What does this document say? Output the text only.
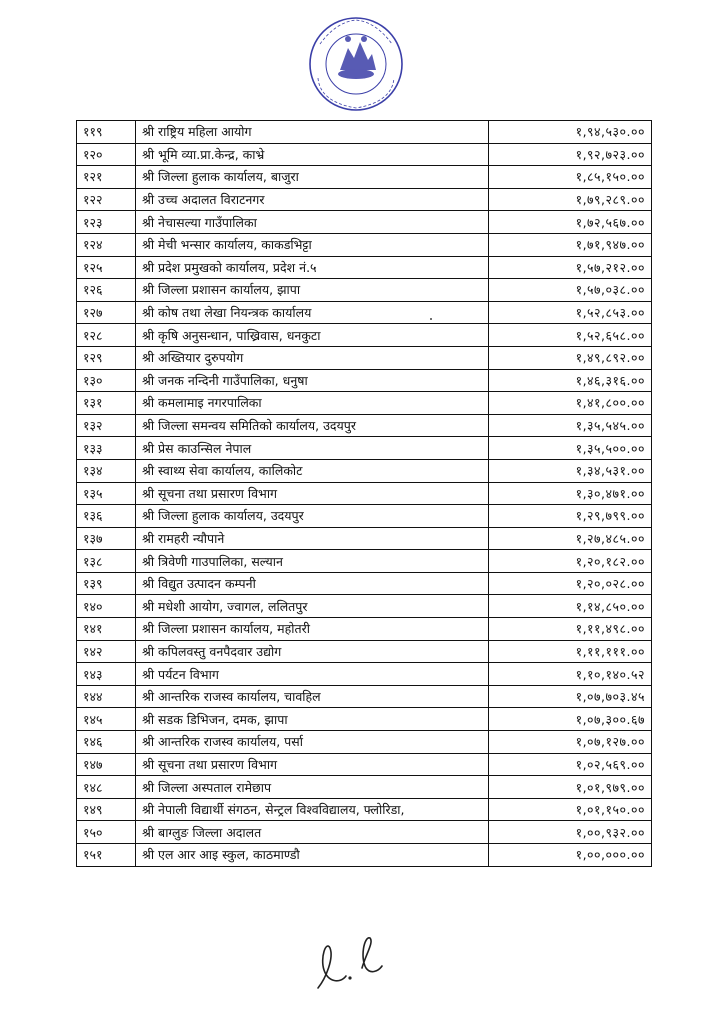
११९	श्री राष्ट्रिय महिला आयोग	१,९४,५३०.००
१२०	श्री भूमि व्या.प्रा.केन्द्र, काभ्रे	१,९२,७२३.००
१२१	श्री जिल्ला हुलाक कार्यालय, बाजुरा	१,८५,१५०.००
१२२	श्री उच्च अदालत विराटनगर	१,७९,२८९.००
१२३	श्री नेचासल्या गाउँपालिका	१,७२,५६७.००
१२४	श्री मेची भन्सार कार्यालय, काकडभिट्टा	१,७१,९४७.००
१२५	श्री प्रदेश प्रमुखको कार्यालय, प्रदेश नं.५	१,५७,२१२.००
१२६	श्री जिल्ला प्रशासन कार्यालय, झापा	१,५७,०३८.००
१२७	श्री कोष तथा लेखा नियन्त्रक कार्यालय	१,५२,८५३.००
१२८	श्री कृषि अनुसन्धान, पाख्रिवास, धनकुटा	१,५२,६५८.००
१२९	श्री अख्तियार दुरुपयोग	१,४९,८९२.००
१३०	श्री जनक नन्दिनी गाउँपालिका, धनुषा	१,४६,३१६.००
१३१	श्री कमलामाइ नगरपालिका	१,४१,८००.००
१३२	श्री जिल्ला समन्वय समितिको कार्यालय, उदयपुर	१,३५,५४५.००
१३३	श्री प्रेस काउन्सिल नेपाल	१,३५,५००.००
१३४	श्री स्वाथ्य सेवा कार्यालय, कालिकोट	१,३४,५३१.००
१३५	श्री सूचना तथा प्रसारण विभाग	१,३०,४७१.००
१३६	श्री जिल्ला हुलाक कार्यालय, उदयपुर	१,२९,७९९.००
१३७	श्री रामहरी न्यौपाने	१,२७,४८५.००
१३८	श्री त्रिवेणी गाउपालिका, सल्यान	१,२०,१८२.००
१३९	श्री विद्युत उत्पादन कम्पनी	१,२०,०२८.००
१४०	श्री मधेशी आयोग, ज्वागल, ललितपुर	१,१४,८५०.००
१४१	श्री जिल्ला प्रशासन कार्यालय, महोतरी	१,११,४९८.००
१४२	श्री कपिलवस्तु वनपैदवार उद्योग	१,११,१११.००
१४३	श्री पर्यटन विभाग	१,१०,१४०.५२
१४४	श्री आन्तरिक राजस्व कार्यालय, चावहिल	१,०७,७०३.४५
१४५	श्री सडक डिभिजन, दमक, झापा	१,०७,३००.६७
१४६	श्री आन्तरिक राजस्व कार्यालय, पर्सा	१,०७,१२७.००
१४७	श्री सूचना तथा प्रसारण विभाग	१,०२,५६९.००
१४८	श्री जिल्ला अस्पताल रामेछाप	१,०१,९७९.००
१४९	श्री नेपाली विद्यार्थी संगठन, सेन्ट्रल विश्वविद्यालय, फ्लोरिडा,	१,०१,१५०.००
१५०	श्री बाग्लुङ जिल्ला अदालत	१,००,९३२.००
१५१	श्री एल आर आइ स्कुल, काठमाण्डौ	१,००,०००.००
